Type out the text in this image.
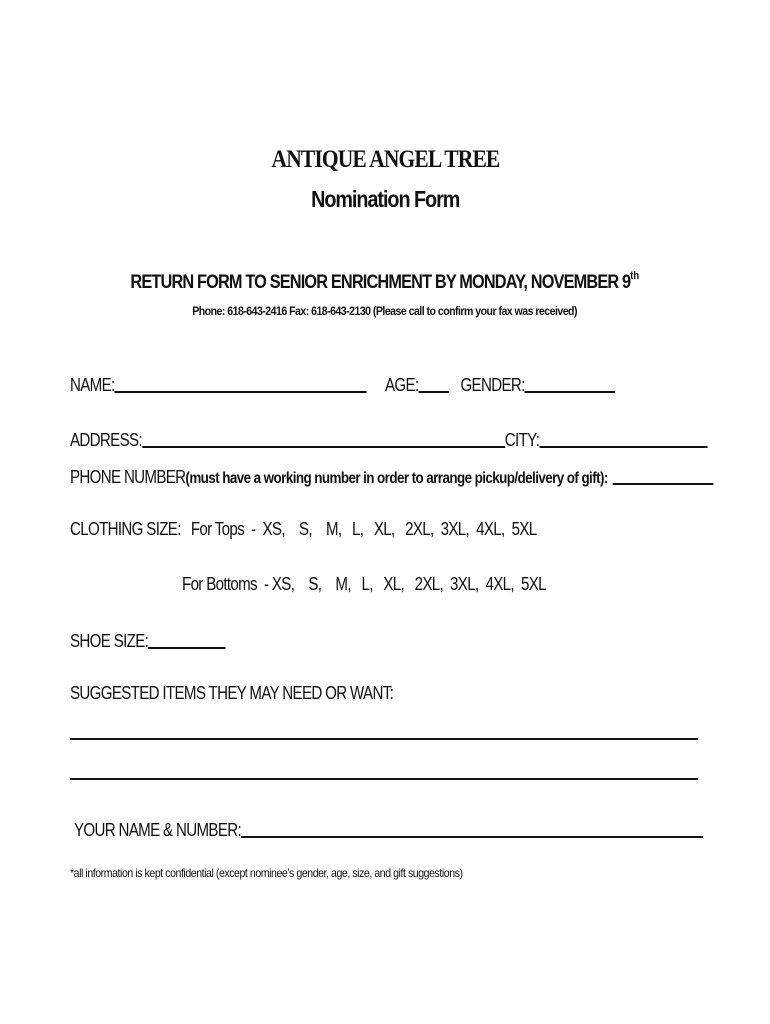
ANTIQUE ANGEL TREE
Nomination Form
RETURN FORM TO SENIOR ENRICHMENT BY MONDAY, NOVEMBER 9th
Phone: 618-643-2416 Fax: 618-643-2130 (Please call to confirm your fax was received)
NAME:	AGE: GENDER:
ADDRESS:	CITY:
PHONE NUMBER(must have a working number in order to arrange pickup/delivery of gift):
CLOTHING SIZE: For Tops  -  XS,    S,    M,   L,   XL,   2XL,  3XL,  4XL,  5XL
For Bottoms  - XS,    S,    M,   L,   XL,   2XL,  3XL,  4XL,  5XL
SHOE SIZE:
SUGGESTED ITEMS THEY MAY NEED OR WANT:
YOUR NAME & NUMBER:
*all information is kept confidential (except nominee’s gender, age, size, and gift suggestions)
